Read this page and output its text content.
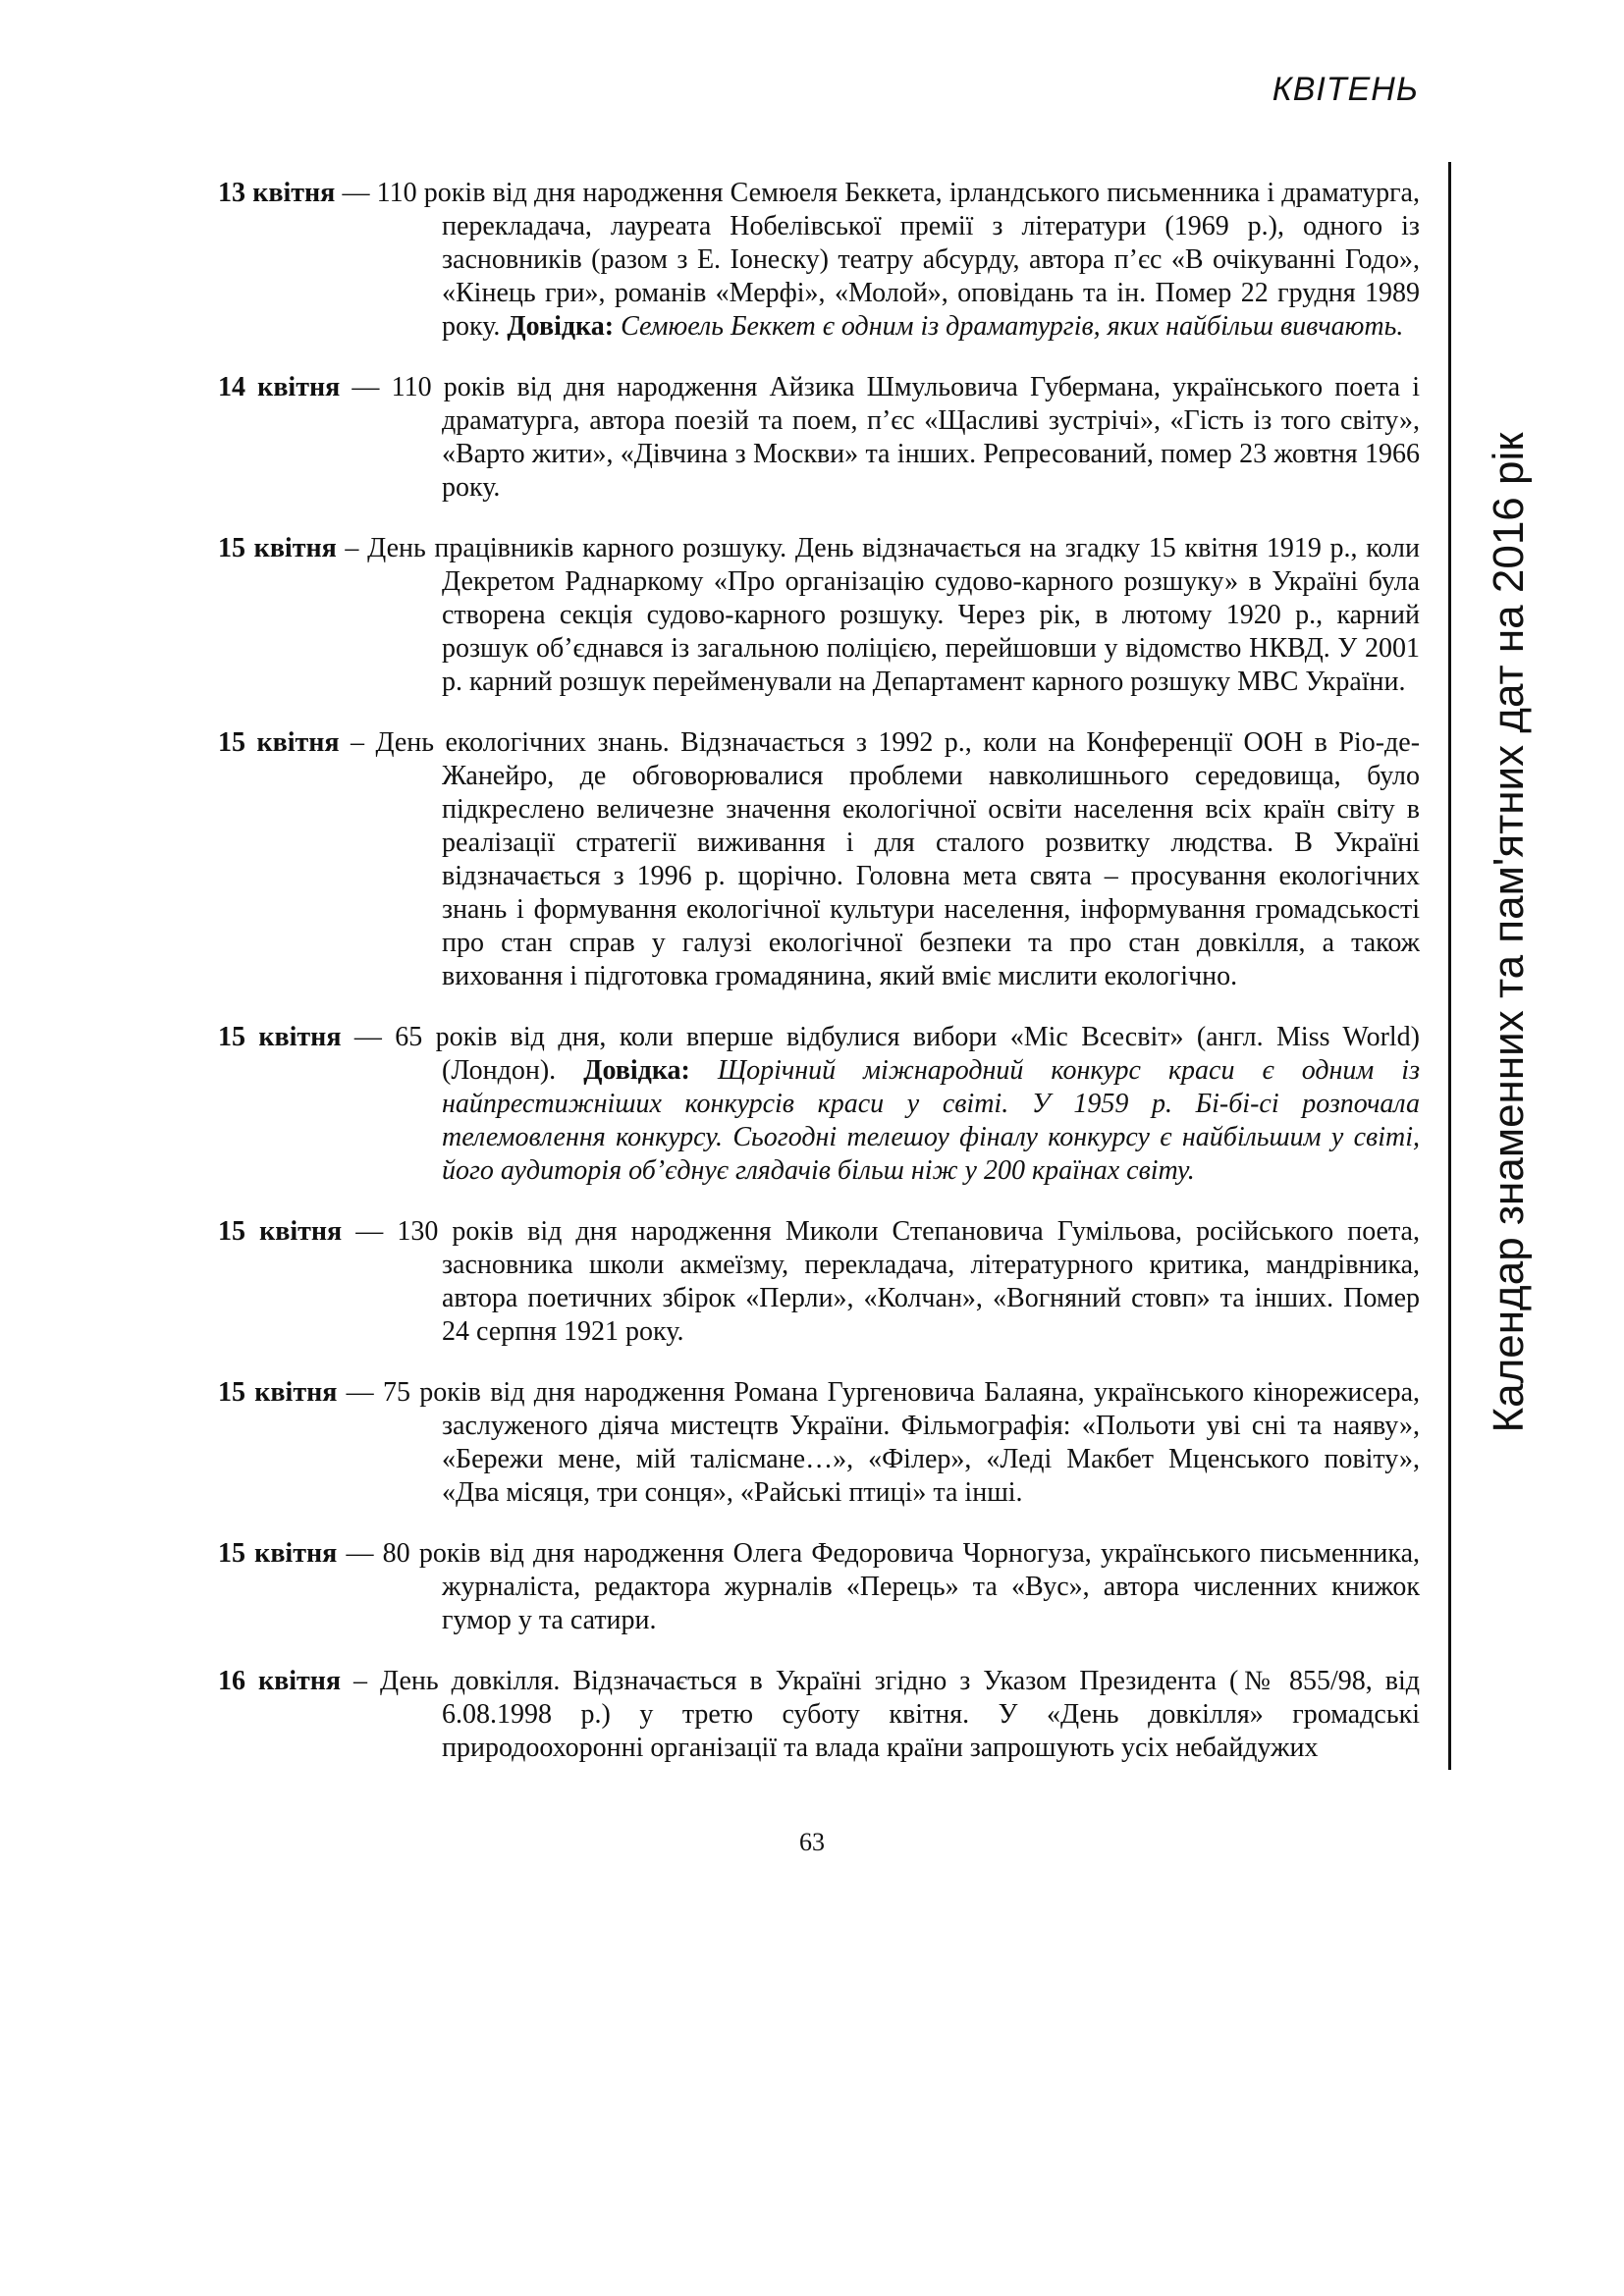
КВІТЕНЬ

13 квітня — 110 років від дня народження Семюеля Беккета, ірландського письменника і драматурга, перекладача, лауреата Нобелівської премії з літератури (1969 р.), одного із засновників (разом з Е. Іонеску) театру абсурду, автора п’єс «В очікуванні Годо», «Кінець гри», романів «Мерфі», «Молой», оповідань та ін. Помер 22 грудня 1989 року. Довідка: Семюель Беккет є одним із драматургів, яких найбільш вивчають.

14 квітня — 110 років від дня народження Айзика Шмульовича Губермана, українського поета і драматурга, автора поезій та поем, п’єс «Щасливі зустрічі», «Гість із того світу», «Варто жити», «Дівчина з Москви» та інших. Репресований, помер 23 жовтня 1966 року.

15 квітня – День працівників карного розшуку. День відзначається на згадку 15 квітня 1919 р., коли Декретом Раднаркому «Про організацію судово-карного розшуку» в Україні була створена секція судово-карного розшуку. Через рік, в лютому 1920 р., карний розшук об’єднався із загальною поліцією, перейшовши у відомство НКВД. У 2001 р. карний розшук перейменували на Департамент карного розшуку МВС України.

15 квітня – День екологічних знань. Відзначається з 1992 р., коли на Конференції ООН в Ріо-де-Жанейро, де обговорювалися проблеми навколишнього середовища, було підкреслено величезне значення екологічної освіти населення всіх країн світу в реалізації стратегії виживання і для сталого розвитку людства. В Україні відзначається з 1996 р. щорічно. Головна мета свята – просування екологічних знань і формування екологічної культури населення, інформування громадськості про стан справ у галузі екологічної безпеки та про стан довкілля, а також виховання і підготовка громадянина, який вміє мислити екологічно.

15 квітня — 65 років від дня, коли вперше відбулися вибори «Міс Всесвіт» (англ. Miss World) (Лондон). Довідка: Щорічний міжнародний конкурс краси є одним із найпрестижніших конкурсів краси у світі. У 1959 р. Бі-бі-сі розпочала телемовлення конкурсу. Сьогодні телешоу фіналу конкурсу є найбільшим у світі, його аудиторія об’єднує глядачів більш ніж у 200 країнах світу.

15 квітня — 130 років від дня народження Миколи Степановича Гумільова, російського поета, засновника школи акмеїзму, перекладача, літературного критика, мандрівника, автора поетичних збірок «Перли», «Колчан», «Вогняний стовп» та інших. Помер 24 серпня 1921 року.

15 квітня — 75 років від дня народження Романа Гургеновича Балаяна, українського кінорежисера, заслуженого діяча мистецтв України. Фільмографія: «Польоти уві сні та наяву», «Бережи мене, мій талісмане…», «Філер», «Леді Макбет Мценського повіту», «Два місяця, три сонця», «Райські птиці» та інші.

15 квітня — 80 років від дня народження Олега Федоровича Чорногуза, українського письменника, журналіста, редактора журналів «Перець» та «Вус», автора численних книжок гумор у та сатири.

16 квітня – День довкілля. Відзначається в Україні згідно з Указом Президента (№ 855/98, від 6.08.1998 р.) у третю суботу квітня. У «День довкілля» громадські природоохоронні організації та влада країни запрошують усіх небайдужих

Календар знаменних та пам'ятних дат на 2016 рік
63
